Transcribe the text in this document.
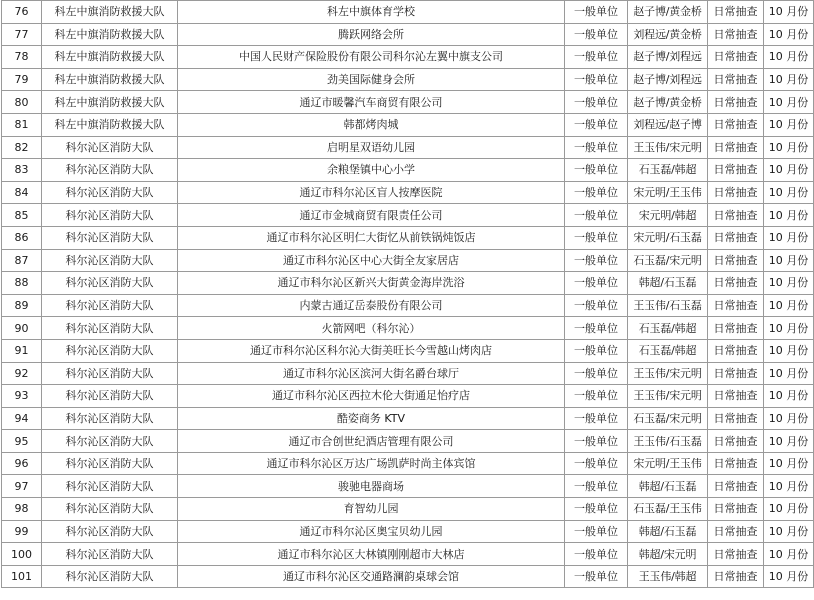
76	科左中旗消防救援大队	科左中旗体育学校	一般单位	赵子博/黄金桥	日常抽查	10 月份
77	科左中旗消防救援大队	腾跃网络会所	一般单位	刘程远/黄金桥	日常抽查	10 月份
78	科左中旗消防救援大队	中国人民财产保险股份有限公司科尔沁左翼中旗支公司	一般单位	赵子博/刘程远	日常抽查	10 月份
79	科左中旗消防救援大队	劲美国际健身会所	一般单位	赵子博/刘程远	日常抽查	10 月份
80	科左中旗消防救援大队	通辽市暖馨汽车商贸有限公司	一般单位	赵子博/黄金桥	日常抽查	10 月份
81	科左中旗消防救援大队	韩都烤肉城	一般单位	刘程远/赵子博	日常抽查	10 月份
82	科尔沁区消防大队	启明星双语幼儿园	一般单位	王玉伟/宋元明	日常抽查	10 月份
83	科尔沁区消防大队	余粮堡镇中心小学	一般单位	石玉磊/韩超	日常抽查	10 月份
84	科尔沁区消防大队	通辽市科尔沁区盲人按摩医院	一般单位	宋元明/王玉伟	日常抽查	10 月份
85	科尔沁区消防大队	通辽市金城商贸有限责任公司	一般单位	宋元明/韩超	日常抽查	10 月份
86	科尔沁区消防大队	通辽市科尔沁区明仁大街忆从前铁锅炖饭店	一般单位	宋元明/石玉磊	日常抽查	10 月份
87	科尔沁区消防大队	通辽市科尔沁区中心大街全友家居店	一般单位	石玉磊/宋元明	日常抽查	10 月份
88	科尔沁区消防大队	通辽市科尔沁区新兴大街黄金海岸洗浴	一般单位	韩超/石玉磊	日常抽查	10 月份
89	科尔沁区消防大队	内蒙古通辽岳泰股份有限公司	一般单位	王玉伟/石玉磊	日常抽查	10 月份
90	科尔沁区消防大队	火箭网吧（科尔沁）	一般单位	石玉磊/韩超	日常抽查	10 月份
91	科尔沁区消防大队	通辽市科尔沁区科尔沁大街美旺长今雪越山烤肉店	一般单位	石玉磊/韩超	日常抽查	10 月份
92	科尔沁区消防大队	通辽市科尔沁区滨河大街名爵台球厅	一般单位	王玉伟/宋元明	日常抽查	10 月份
93	科尔沁区消防大队	通辽市科尔沁区西拉木伦大街通足怡疗店	一般单位	王玉伟/宋元明	日常抽查	10 月份
94	科尔沁区消防大队	酷姿商务 KTV	一般单位	石玉磊/宋元明	日常抽查	10 月份
95	科尔沁区消防大队	通辽市合创世纪酒店管理有限公司	一般单位	王玉伟/石玉磊	日常抽查	10 月份
96	科尔沁区消防大队	通辽市科尔沁区万达广场凯萨时尚主体宾馆	一般单位	宋元明/王玉伟	日常抽查	10 月份
97	科尔沁区消防大队	骏驰电器商场	一般单位	韩超/石玉磊	日常抽查	10 月份
98	科尔沁区消防大队	育智幼儿园	一般单位	石玉磊/王玉伟	日常抽查	10 月份
99	科尔沁区消防大队	通辽市科尔沁区奥宝贝幼儿园	一般单位	韩超/石玉磊	日常抽查	10 月份
100	科尔沁区消防大队	通辽市科尔沁区大林镇刚刚超市大林店	一般单位	韩超/宋元明	日常抽查	10 月份
101	科尔沁区消防大队	通辽市科尔沁区交通路澜韵桌球会馆	一般单位	王玉伟/韩超	日常抽查	10 月份
